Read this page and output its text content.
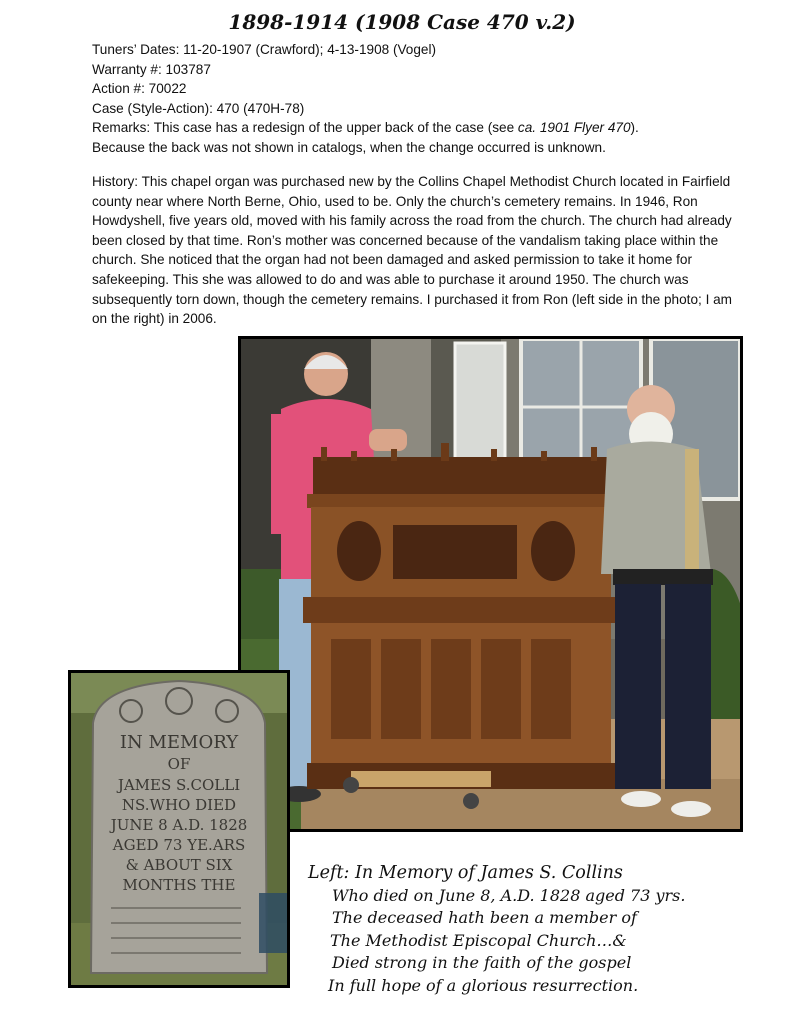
1898-1914 (1908 Case 470 v.2)

Tuners’ Dates: 11-20-1907 (Crawford); 4-13-1908 (Vogel)

Warranty #: 103787

Action #: 70022

Case (Style-Action): 470 (470H-78)

Remarks: This case has a redesign of the upper back of the case (see ca. 1901 Flyer 470).

Because the back was not shown in catalogs, when the change occurred is unknown.

History: This chapel organ was purchased new by the Collins Chapel Methodist Church located in Fairfield county near where North Berne, Ohio, used to be. Only the church’s cemetery remains. In 1946, Ron Howdyshell, five years old, moved with his family across the road from the church. The church had already been closed by that time. Ron’s mother was concerned because of the vandalism taking place within the church. She noticed that the organ had not been damaged and asked permission to take it home for safekeeping. This she was allowed to do and was able to purchase it around 1950. The church was subsequently torn down, though the cemetery remains. I purchased it from Ron (left side in the photo; I am on the right) in 2006.

IN MEMORY
OF
JAMES S.COLLI
NS.WHO DIED
JUNE 8 A.D. 1828
AGED 73 YE.ARS
& ABOUT SIX
MONTHS THE
Left: In Memory of James S. Collins
Who died on June 8, A.D. 1828 aged 73 yrs.
The deceased hath been a member of
The Methodist Episcopal Church…&
Died strong in the faith of the gospel
In full hope of a glorious resurrection.
